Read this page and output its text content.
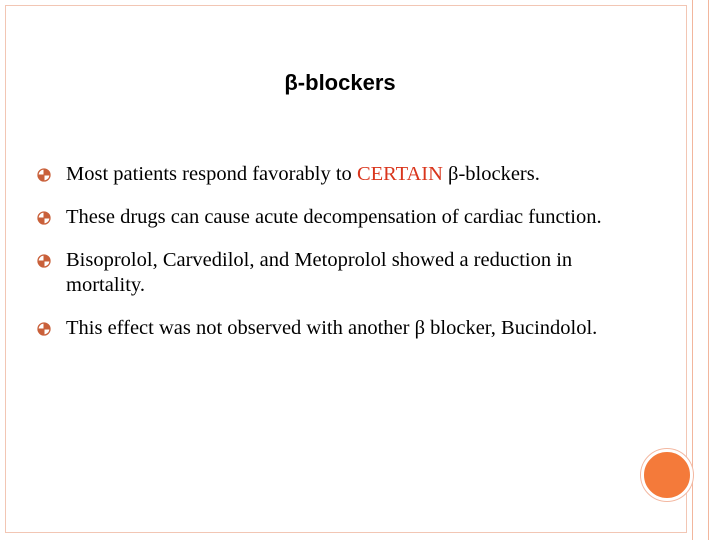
β-blockers
Most patients respond favorably to CERTAIN β-blockers.
These drugs can cause acute decompensation of cardiac function.
Bisoprolol, Carvedilol, and Metoprolol showed a reduction in mortality.
This effect was not observed with another β blocker, Bucindolol.
